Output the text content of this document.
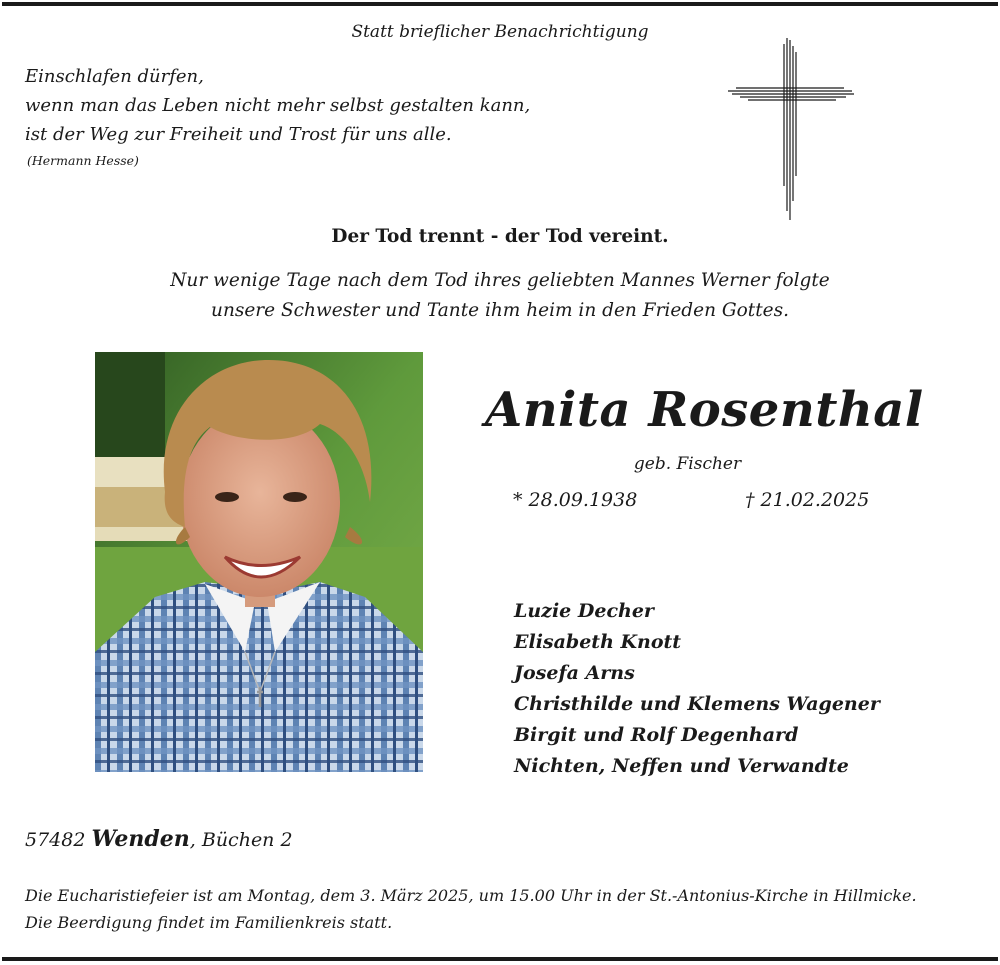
Statt brieflicher Benachrichtigung
Einschlafen dürfen,
wenn man das Leben nicht mehr selbst gestalten kann,
ist der Weg zur Freiheit und Trost für uns alle.
(Hermann Hesse)
Der Tod trennt - der Tod vereint.
Nur wenige Tage nach dem Tod ihres geliebten Mannes Werner folgte
unsere Schwester und Tante ihm heim in den Frieden Gottes.
Anita Rosenthal
geb. Fischer
* 28.09.1938	† 21.02.2025
Luzie Decher
Elisabeth Knott
Josefa Arns
Christhilde und Klemens Wagener
Birgit und Rolf Degenhard
Nichten, Neffen und Verwandte
57482 Wenden, Büchen 2
Die Eucharistiefeier ist am Montag, dem 3. März 2025, um 15.00 Uhr in der St.-Antonius-Kirche in Hillmicke.
Die Beerdigung findet im Familienkreis statt.
